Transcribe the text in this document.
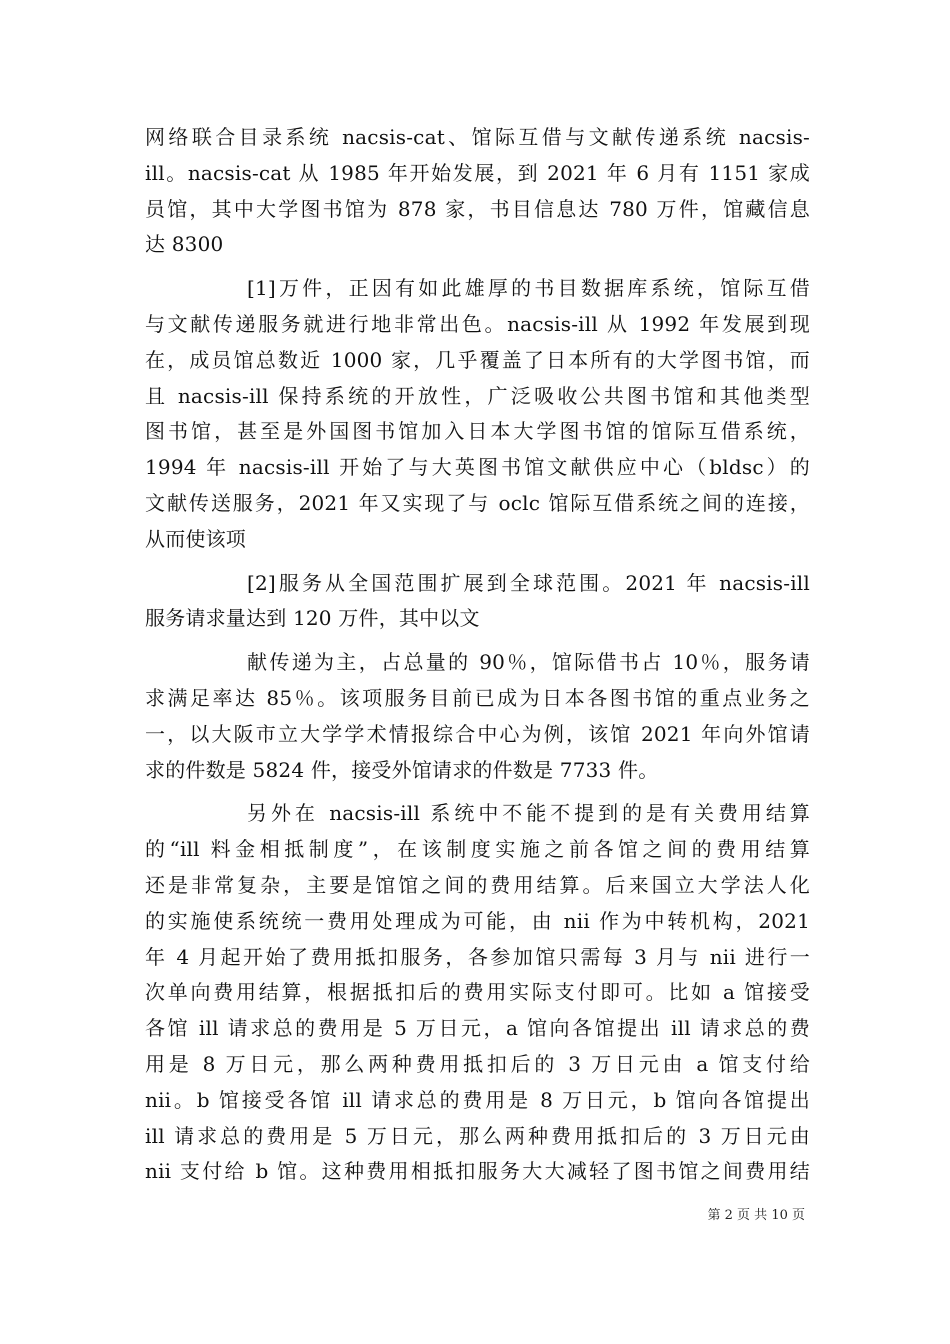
网络联合目录系统 nacsis-cat、馆际互借与文献传递系统 nacsis-
ill。nacsis-cat 从 1985 年开始发展，到 2021 年 6 月有 1151 家成
员馆，其中大学图书馆为 878 家，书目信息达 780 万件，馆藏信息
达 8300
[1]万件，正因有如此雄厚的书目数据库系统，馆际互借
与文献传递服务就进行地非常出色。nacsis-ill 从 1992 年发展到现
在，成员馆总数近 1000 家，几乎覆盖了日本所有的大学图书馆，而
且 nacsis-ill 保持系统的开放性，广泛吸收公共图书馆和其他类型
图书馆，甚至是外国图书馆加入日本大学图书馆的馆际互借系统，
1994 年 nacsis-ill 开始了与大英图书馆文献供应中心（bldsc）的
文献传送服务，2021 年又实现了与 oclc 馆际互借系统之间的连接，
从而使该项
[2]服务从全国范围扩展到全球范围。2021 年 nacsis-ill
服务请求量达到 120 万件，其中以文
献传递为主，占总量的 90％，馆际借书占 10％，服务请
求满足率达 85％。该项服务目前已成为日本各图书馆的重点业务之
一，以大阪市立大学学术情报综合中心为例，该馆 2021 年向外馆请
求的件数是 5824 件，接受外馆请求的件数是 7733 件。
另外在 nacsis-ill 系统中不能不提到的是有关费用结算
的“ill 料金相抵制度”，在该制度实施之前各馆之间的费用结算
还是非常复杂，主要是馆馆之间的费用结算。后来国立大学法人化
的实施使系统统一费用处理成为可能，由 nii 作为中转机构，2021
年 4 月起开始了费用抵扣服务，各参加馆只需每 3 月与 nii 进行一
次单向费用结算，根据抵扣后的费用实际支付即可。比如 a 馆接受
各馆 ill 请求总的费用是 5 万日元，a 馆向各馆提出 ill 请求总的费
用是 8 万日元，那么两种费用抵扣后的 3 万日元由 a 馆支付给
nii。b 馆接受各馆 ill 请求总的费用是 8 万日元，b 馆向各馆提出
ill 请求总的费用是 5 万日元，那么两种费用抵扣后的 3 万日元由
nii 支付给 b 馆。这种费用相抵扣服务大大减轻了图书馆之间费用结
第 2 页 共 10 页
